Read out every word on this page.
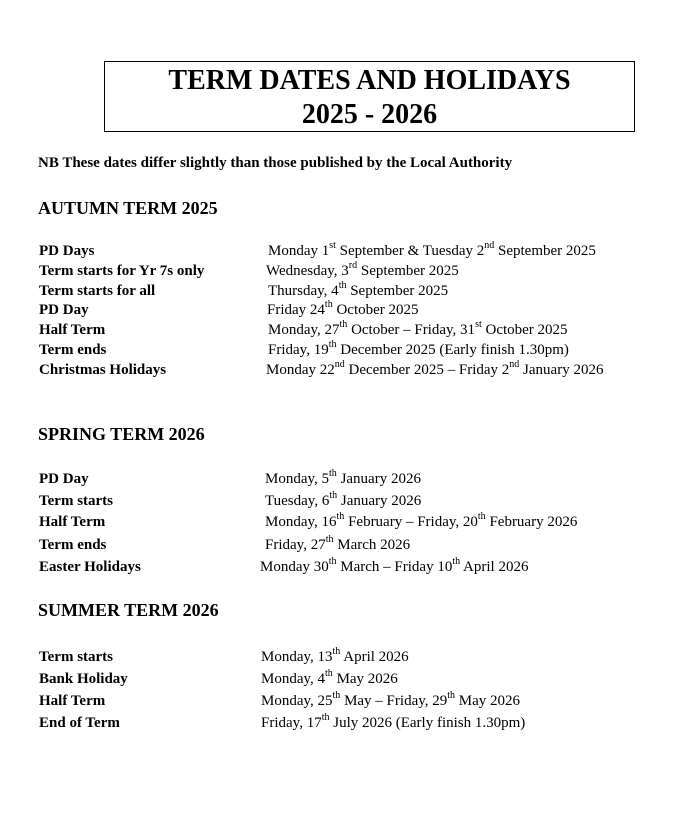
TERM DATES AND HOLIDAYS
2025 - 2026
NB These dates differ slightly than those published by the Local Authority
AUTUMN TERM 2025
PD Days	Monday 1st September & Tuesday 2nd September 2025
Term starts for Yr 7s only	Wednesday, 3rd September 2025
Term starts for all	Thursday, 4th September 2025
PD Day	Friday 24th October 2025
Half Term	Monday, 27th October – Friday, 31st October 2025
Term ends	Friday, 19th December 2025 (Early finish 1.30pm)
Christmas Holidays	Monday 22nd December 2025 – Friday 2nd January 2026
SPRING TERM 2026
PD Day	Monday, 5th January 2026
Term starts	Tuesday, 6th January 2026
Half Term	Monday, 16th February – Friday, 20th February 2026
Term ends	Friday, 27th March 2026
Easter Holidays	Monday 30th March – Friday 10th April 2026
SUMMER TERM 2026
Term starts	Monday, 13th April 2026
Bank Holiday	Monday, 4th May 2026
Half Term	Monday, 25th May – Friday, 29th May 2026
End of Term	Friday, 17th July 2026 (Early finish 1.30pm)
